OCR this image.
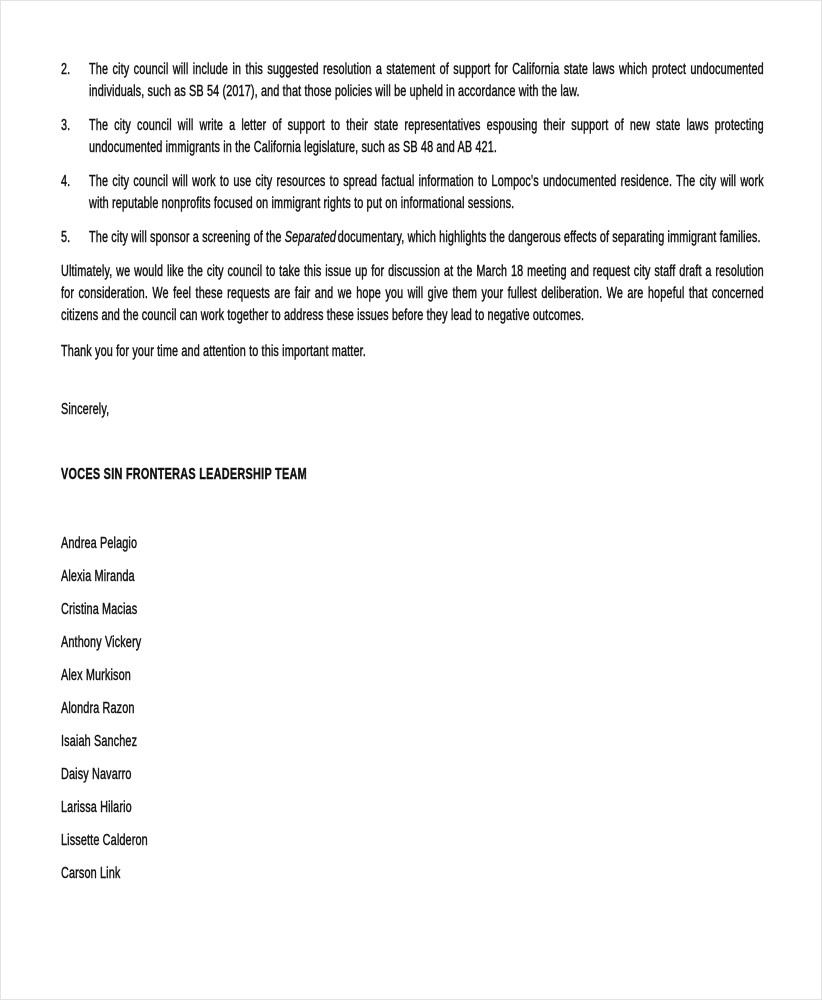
2.	The city council will include in this suggested resolution a statement of support for California state laws which protect undocumented individuals, such as SB 54 (2017), and that those policies will be upheld in accordance with the law.
3.	The city council will write a letter of support to their state representatives espousing their support of new state laws protecting undocumented immigrants in the California legislature, such as SB 48 and AB 421.
4.	The city council will work to use city resources to spread factual information to Lompoc's undocumented residence. The city will work with reputable nonprofits focused on immigrant rights to put on informational sessions.
5.	The city will sponsor a screening of the Separated documentary, which highlights the dangerous effects of separating immigrant families.

Ultimately, we would like the city council to take this issue up for discussion at the March 18 meeting and request city staff draft a resolution for consideration. We feel these requests are fair and we hope you will give them your fullest deliberation. We are hopeful that concerned citizens and the council can work together to address these issues before they lead to negative outcomes.

Thank you for your time and attention to this important matter.

Sincerely,

VOCES SIN FRONTERAS LEADERSHIP TEAM

Andrea Pelagio
Alexia Miranda
Cristina Macias
Anthony Vickery
Alex Murkison
Alondra Razon
Isaiah Sanchez
Daisy Navarro
Larissa Hilario
Lissette Calderon
Carson Link
